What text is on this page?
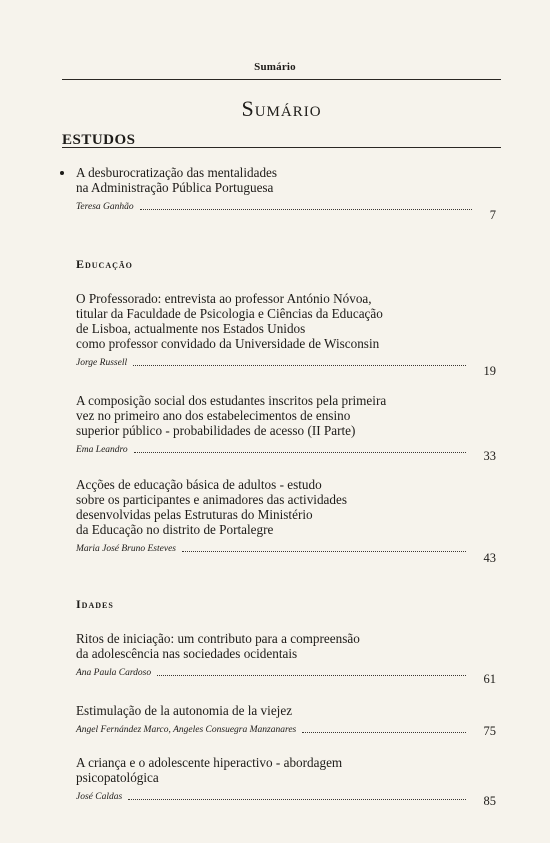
Sumário
Sumário
ESTUDOS

A desburocratização das mentalidades
na Administração Pública Portuguesa

Teresa Ganhão
7
Educação

O Professorado: entrevista ao professor António Nóvoa,
titular da Faculdade de Psicologia e Ciências da Educação
de Lisboa, actualmente nos Estados Unidos
como professor convidado da Universidade de Wisconsin

Jorge Russell
19

A composição social dos estudantes inscritos pela primeira
vez no primeiro ano dos estabelecimentos de ensino
superior público - probabilidades de acesso (II Parte)

Ema Leandro	33

Acções de educação básica de adultos - estudo
sobre os participantes e animadores das actividades
desenvolvidas pelas Estruturas do Ministério
da Educação no distrito de Portalegre

Maria José Bruno Esteves
43
Idades

Ritos de iniciação: um contributo para a compreensão
da adolescência nas sociedades ocidentais

Ana Paula Cardoso	61

Estimulação de la autonomia de la viejez

Angel Fernández Marco, Angeles Consuegra Manzanares	75

A criança e o adolescente hiperactivo - abordagem
psicopatológica

José Caldas	85
